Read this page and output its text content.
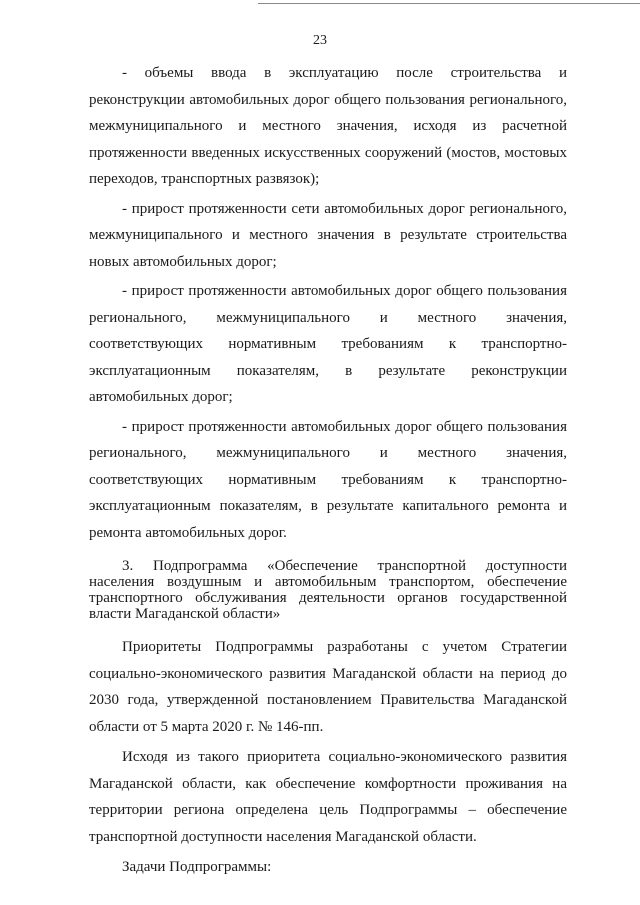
23

- объемы ввода в эксплуатацию после строительства и реконструкции автомобильных дорог общего пользования регионального, межмуниципального и местного значения, исходя из расчетной протяженности введенных искусственных сооружений (мостов, мостовых переходов, транспортных развязок);

- прирост протяженности сети автомобильных дорог регионального, межмуниципального и местного значения в результате строительства новых автомобильных дорог;

- прирост протяженности автомобильных дорог общего пользования регионального, межмуниципального и местного значения, соответствующих нормативным требованиям к транспортно-эксплуатационным показателям, в результате реконструкции автомобильных дорог;

- прирост протяженности автомобильных дорог общего пользования регионального, межмуниципального и местного значения, соответствующих нормативным требованиям к транспортно-эксплуатационным показателям, в результате капитального ремонта и ремонта автомобильных дорог.

3. Подпрограмма «Обеспечение транспортной доступности населения воздушным и автомобильным транспортом, обеспечение транспортного обслуживания деятельности органов государственной власти Магаданской области»

Приоритеты Подпрограммы разработаны с учетом Стратегии социально-экономического развития Магаданской области на период до 2030 года, утвержденной постановлением Правительства Магаданской области от 5 марта 2020 г. № 146-пп.

Исходя из такого приоритета социально-экономического развития Магаданской области, как обеспечение комфортности проживания на территории региона определена цель Подпрограммы – обеспечение транспортной доступности населения Магаданской области.

Задачи Подпрограммы:
